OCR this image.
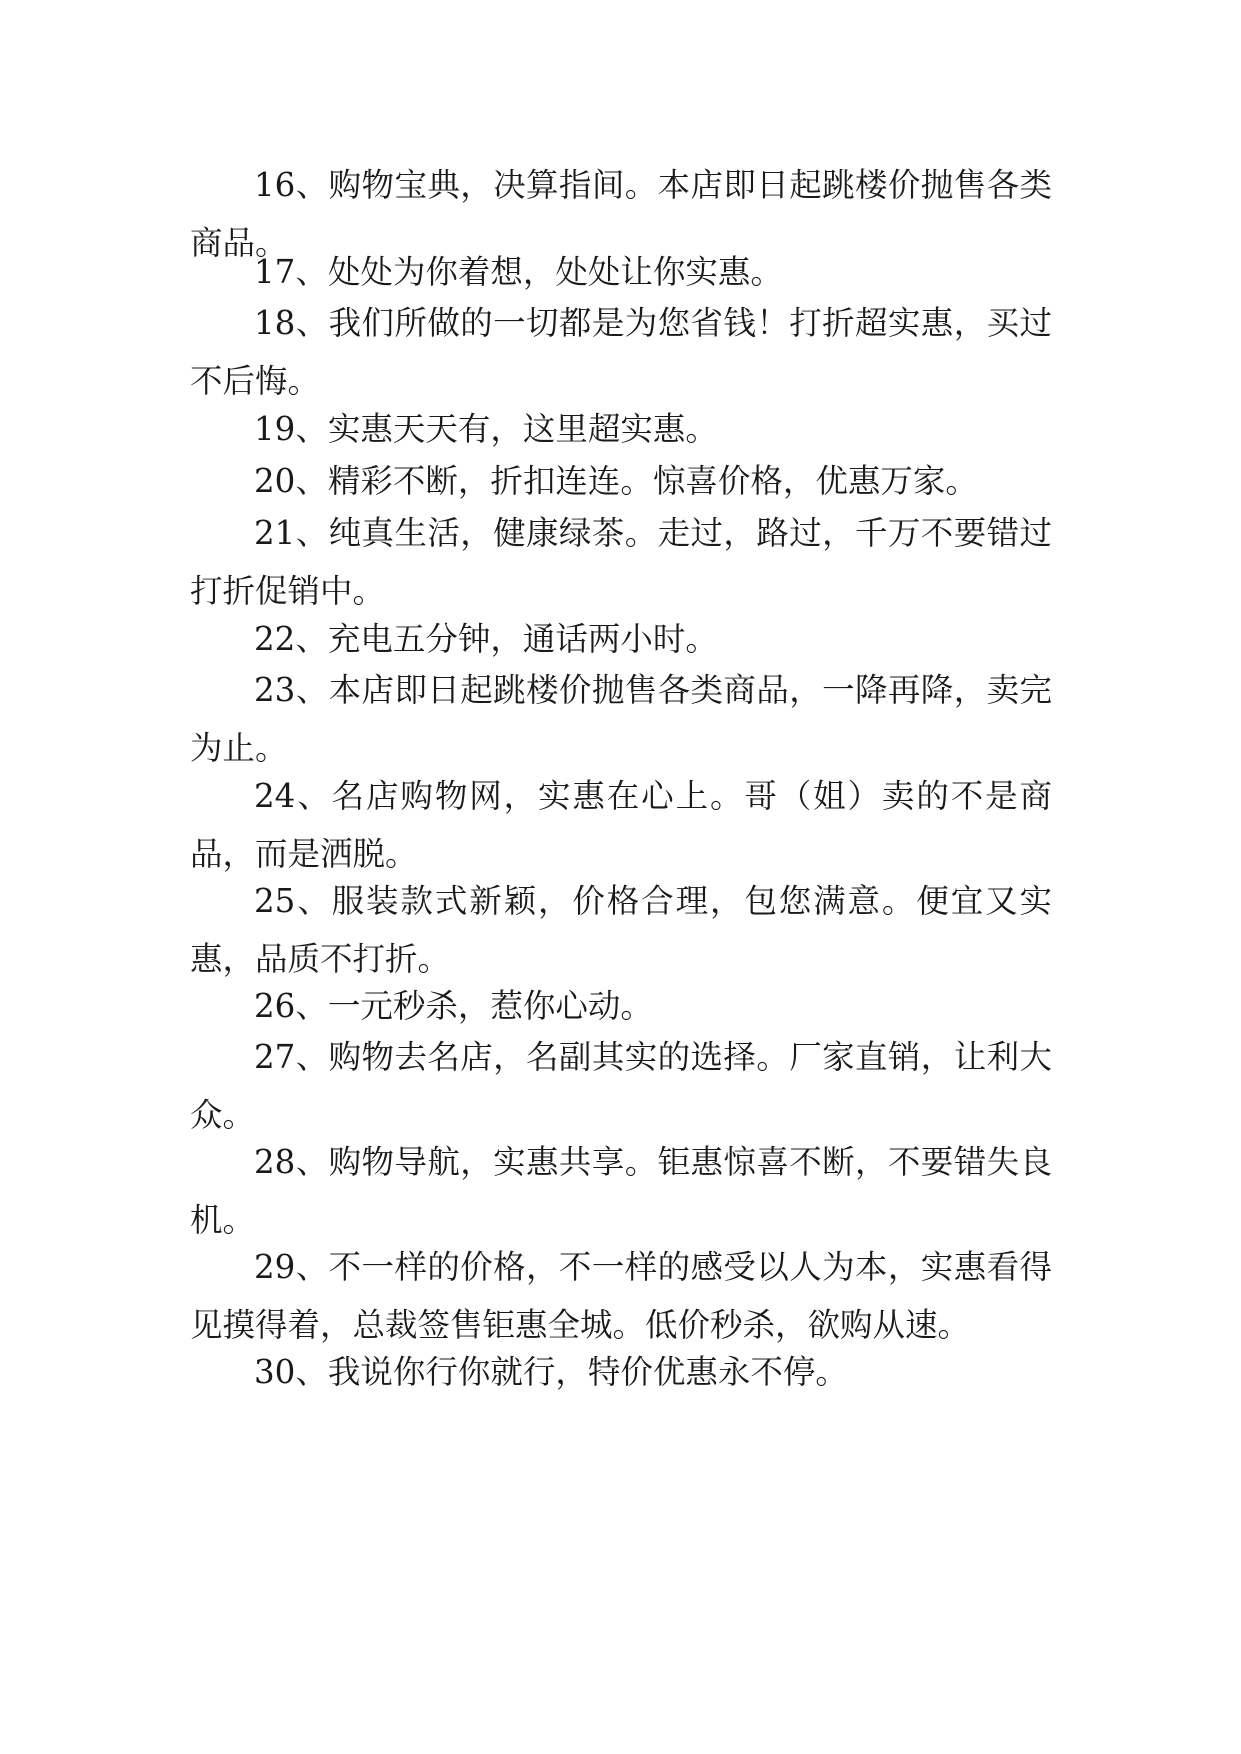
16、购物宝典，决算指间。本店即日起跳楼价抛售各类商品。

17、处处为你着想，处处让你实惠。

18、我们所做的一切都是为您省钱！打折超实惠，买过不后悔。

19、实惠天天有，这里超实惠。

20、精彩不断，折扣连连。惊喜价格，优惠万家。

21、纯真生活，健康绿茶。走过，路过，千万不要错过打折促销中。

22、充电五分钟，通话两小时。

23、本店即日起跳楼价抛售各类商品，一降再降，卖完为止。

24、名店购物网，实惠在心上。哥（姐）卖的不是商品，而是洒脱。

25、服装款式新颖，价格合理，包您满意。便宜又实惠，品质不打折。

26、一元秒杀，惹你心动。

27、购物去名店，名副其实的选择。厂家直销，让利大众。

28、购物导航，实惠共享。钜惠惊喜不断，不要错失良机。

29、不一样的价格，不一样的感受以人为本，实惠看得见摸得着，总裁签售钜惠全城。低价秒杀，欲购从速。

30、我说你行你就行，特价优惠永不停。
